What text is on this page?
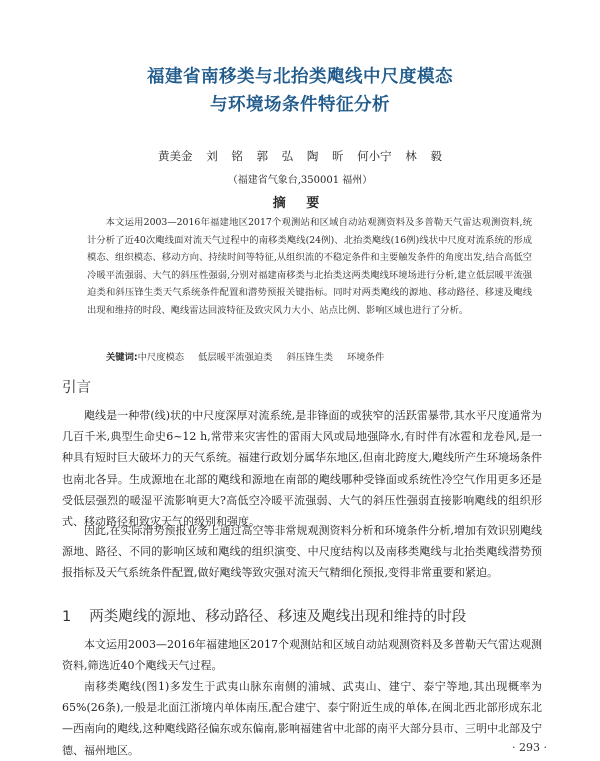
福建省南移类与北抬类飑线中尺度模态
与环境场条件特征分析
黄美金 刘 铭 郭 弘 陶 昕 何小宁 林 毅
（福建省气象台,350001 福州）
摘 要
本文运用2003—2016年福建地区2017个观测站和区域自动站观测资料及多普勒天气雷达观测资料,统计分析了近40次飑线面对流天气过程中的南移类飑线(24例)、北抬类飑线(16例)线状中尺度对流系统的形成模态、组织模态、移动方向、持续时间等特征,从组织流的不稳定条件和主要触发条件的角度出发,结合高低空冷暖平流强弱、大气的斜压性强弱,分别对福建南移类与北抬类这两类飑线环境场进行分析,建立低层暖平流强迫类和斜压锋生类天气系统条件配置和潜势预报关键指标。同时对两类飑线的源地、移动路径、移速及飑线出现和维持的时段、飑线雷达回波特征及致灾风力大小、站点比例、影响区域也进行了分析。
关键词:中尺度模态 低层暖平流强迫类 斜压锋生类 环境条件
引言
飑线是一种带(线)状的中尺度深厚对流系统,是非锋面的或狭窄的活跃雷暴带,其水平尺度通常为几百千米,典型生命史6~12 h,常带来灾害性的雷雨大风或局地强降水,有时伴有冰雹和龙卷风,是一种具有短时巨大破坏力的天气系统。福建行政划分属华东地区,但南北跨度大,飑线所产生环境场条件也南北各异。生成源地在北部的飑线和源地在南部的飑线哪种受锋面或系统性冷空气作用更多还是受低层强烈的暖湿平流影响更大?高低空冷暖平流强弱、大气的斜压性强弱直接影响飑线的组织形式、移动路径和致灾天气的级别和强度。
因此,在实际滑势预报业务上通过高空等非常规观测资料分析和环境条件分析,增加有效识别飑线源地、路径、不同的影响区域和飑线的组织演变、中尺度结构以及南移类飑线与北抬类飑线潜势预报指标及天气系统条件配置,做好飑线等致灾强对流天气精细化预报,变得非常重要和紧迫。
1 两类飑线的源地、移动路径、移速及飑线出现和维持的时段
本文运用2003—2016年福建地区2017个观测站和区域自动站观测资料及多普勒天气雷达观测资料,筛选近40个飑线天气过程。
南移类飑线(图1)多发生于武夷山脉东南侧的浦城、武夷山、建宁、泰宁等地,其出现概率为65%(26条),一般是北面江浙境内单体南压,配合建宁、泰宁附近生成的单体,在闽北西北部形成东北—西南向的飑线,这种飑线路径偏东或东偏南,影响福建省中北部的南平大部分县市、三明中北部及宁德、福州地区。	· 293 ·
